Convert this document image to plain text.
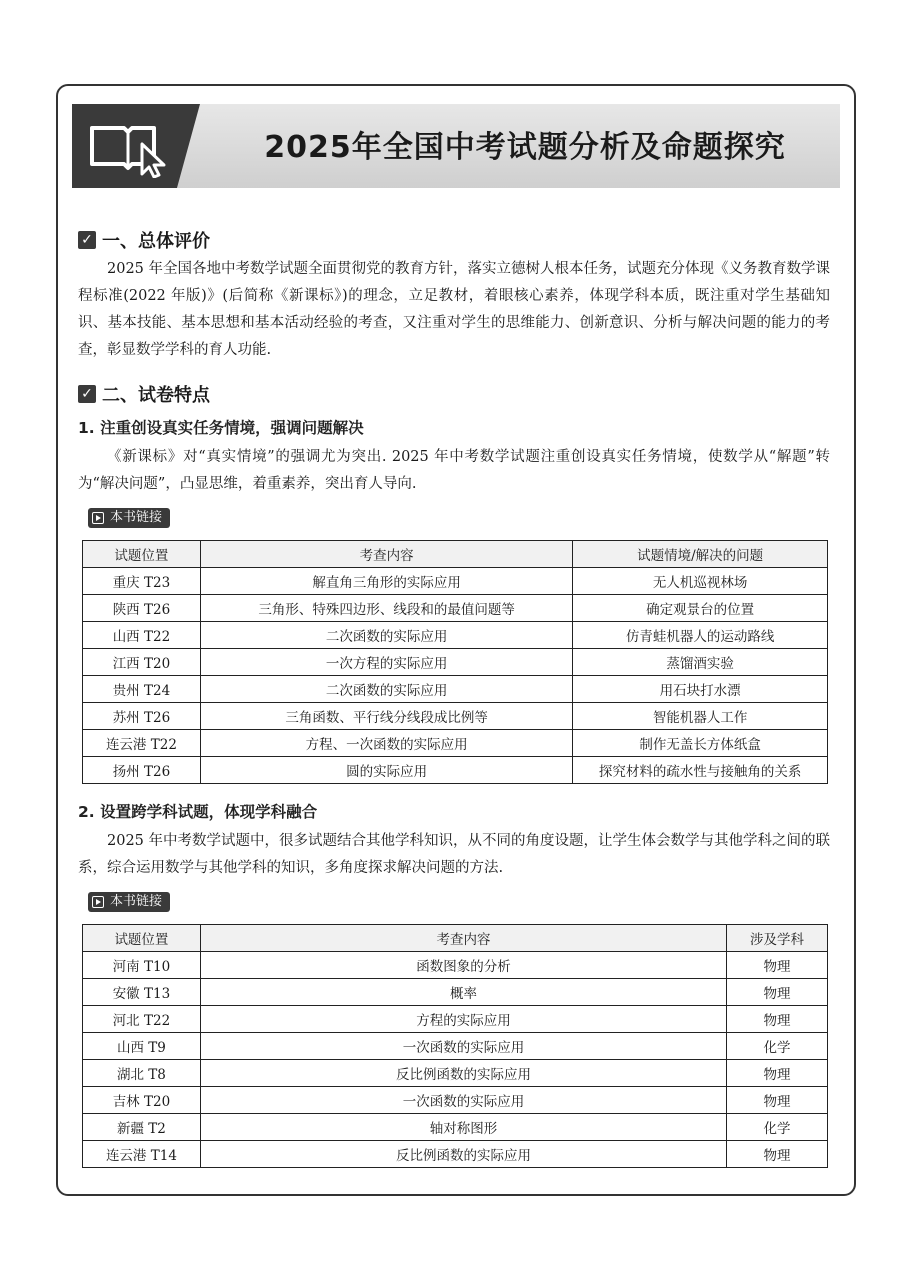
2025年全国中考试题分析及命题探究
✓ 一、总体评价

2025 年全国各地中考数学试题全面贯彻党的教育方针，落实立德树人根本任务，试题充分体现《义务教育数学课程标准(2022 年版)》(后简称《新课标》)的理念，立足教材，着眼核心素养，体现学科本质，既注重对学生基础知识、基本技能、基本思想和基本活动经验的考查，又注重对学生的思维能力、创新意识、分析与解决问题的能力的考查，彰显数学学科的育人功能.

✓ 二、试卷特点
1. 注重创设真实任务情境，强调问题解决

《新课标》对“真实情境”的强调尤为突出. 2025 年中考数学试题注重创设真实任务情境，使数学从“解题”转为“解决问题”，凸显思维，着重素养，突出育人导向.

本书链接
试题位置	考查内容	试题情境/解决的问题
重庆 T23	解直角三角形的实际应用	无人机巡视林场
陕西 T26	三角形、特殊四边形、线段和的最值问题等	确定观景台的位置
山西 T22	二次函数的实际应用	仿青蛙机器人的运动路线
江西 T20	一次方程的实际应用	蒸馏酒实验
贵州 T24	二次函数的实际应用	用石块打水漂
苏州 T26	三角函数、平行线分线段成比例等	智能机器人工作
连云港 T22	方程、一次函数的实际应用	制作无盖长方体纸盒
扬州 T26	圆的实际应用	探究材料的疏水性与接触角的关系
2. 设置跨学科试题，体现学科融合

2025 年中考数学试题中，很多试题结合其他学科知识，从不同的角度设题，让学生体会数学与其他学科之间的联系，综合运用数学与其他学科的知识，多角度探求解决问题的方法.

本书链接
试题位置	考查内容	涉及学科
河南 T10	函数图象的分析	物理
安徽 T13	概率	物理
河北 T22	方程的实际应用	物理
山西 T9	一次函数的实际应用	化学
湖北 T8	反比例函数的实际应用	物理
吉林 T20	一次函数的实际应用	物理
新疆 T2	轴对称图形	化学
连云港 T14	反比例函数的实际应用	物理
